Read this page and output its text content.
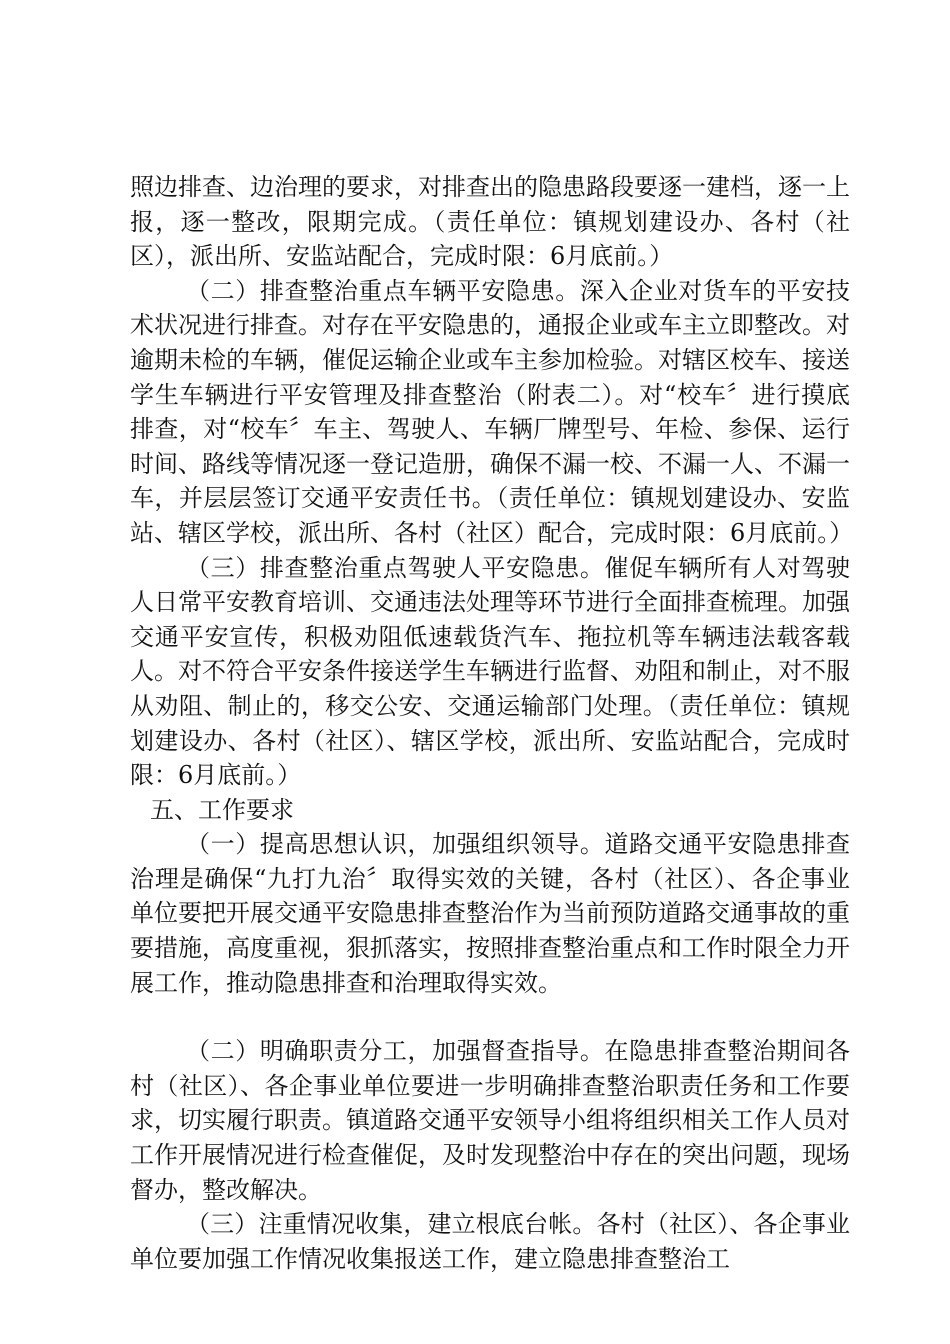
照边排查、边治理的要求，对排查出的隐患路段要逐一建档，逐一上报，逐一整改，限期完成。（责任单位：镇规划建设办、各村（社区），派出所、安监站配合，完成时限：6月底前。）

（二）排查整治重点车辆平安隐患。深入企业对货车的平安技术状况进行排查。对存在平安隐患的，通报企业或车主立即整改。对逾期未检的车辆，催促运输企业或车主参加检验。对辖区校车、接送学生车辆进行平安管理及排查整治（附表二）。对“校车〞进行摸底排查，对“校车〞车主、驾驶人、车辆厂牌型号、年检、参保、运行时间、路线等情况逐一登记造册，确保不漏一校、不漏一人、不漏一车，并层层签订交通平安责任书。（责任单位：镇规划建设办、安监站、辖区学校，派出所、各村（社区）配合，完成时限：6月底前。）

（三）排查整治重点驾驶人平安隐患。催促车辆所有人对驾驶人日常平安教育培训、交通违法处理等环节进行全面排查梳理。加强交通平安宣传，积极劝阻低速载货汽车、拖拉机等车辆违法载客载人。对不符合平安条件接送学生车辆进行监督、劝阻和制止，对不服从劝阻、制止的，移交公安、交通运输部门处理。（责任单位：镇规划建设办、各村（社区）、辖区学校，派出所、安监站配合，完成时限：6月底前。）

五、工作要求

（一）提高思想认识，加强组织领导。道路交通平安隐患排查治理是确保“九打九治〞取得实效的关键，各村（社区）、各企事业单位要把开展交通平安隐患排查整治作为当前预防道路交通事故的重要措施，高度重视，狠抓落实，按照排查整治重点和工作时限全力开展工作，推动隐患排查和治理取得实效。

（二）明确职责分工，加强督查指导。在隐患排查整治期间各村（社区）、各企事业单位要进一步明确排查整治职责任务和工作要求，切实履行职责。镇道路交通平安领导小组将组织相关工作人员对工作开展情况进行检查催促，及时发现整治中存在的突出问题，现场督办，整改解决。

（三）注重情况收集，建立根底台帐。各村（社区）、各企事业单位要加强工作情况收集报送工作，建立隐患排查整治工
